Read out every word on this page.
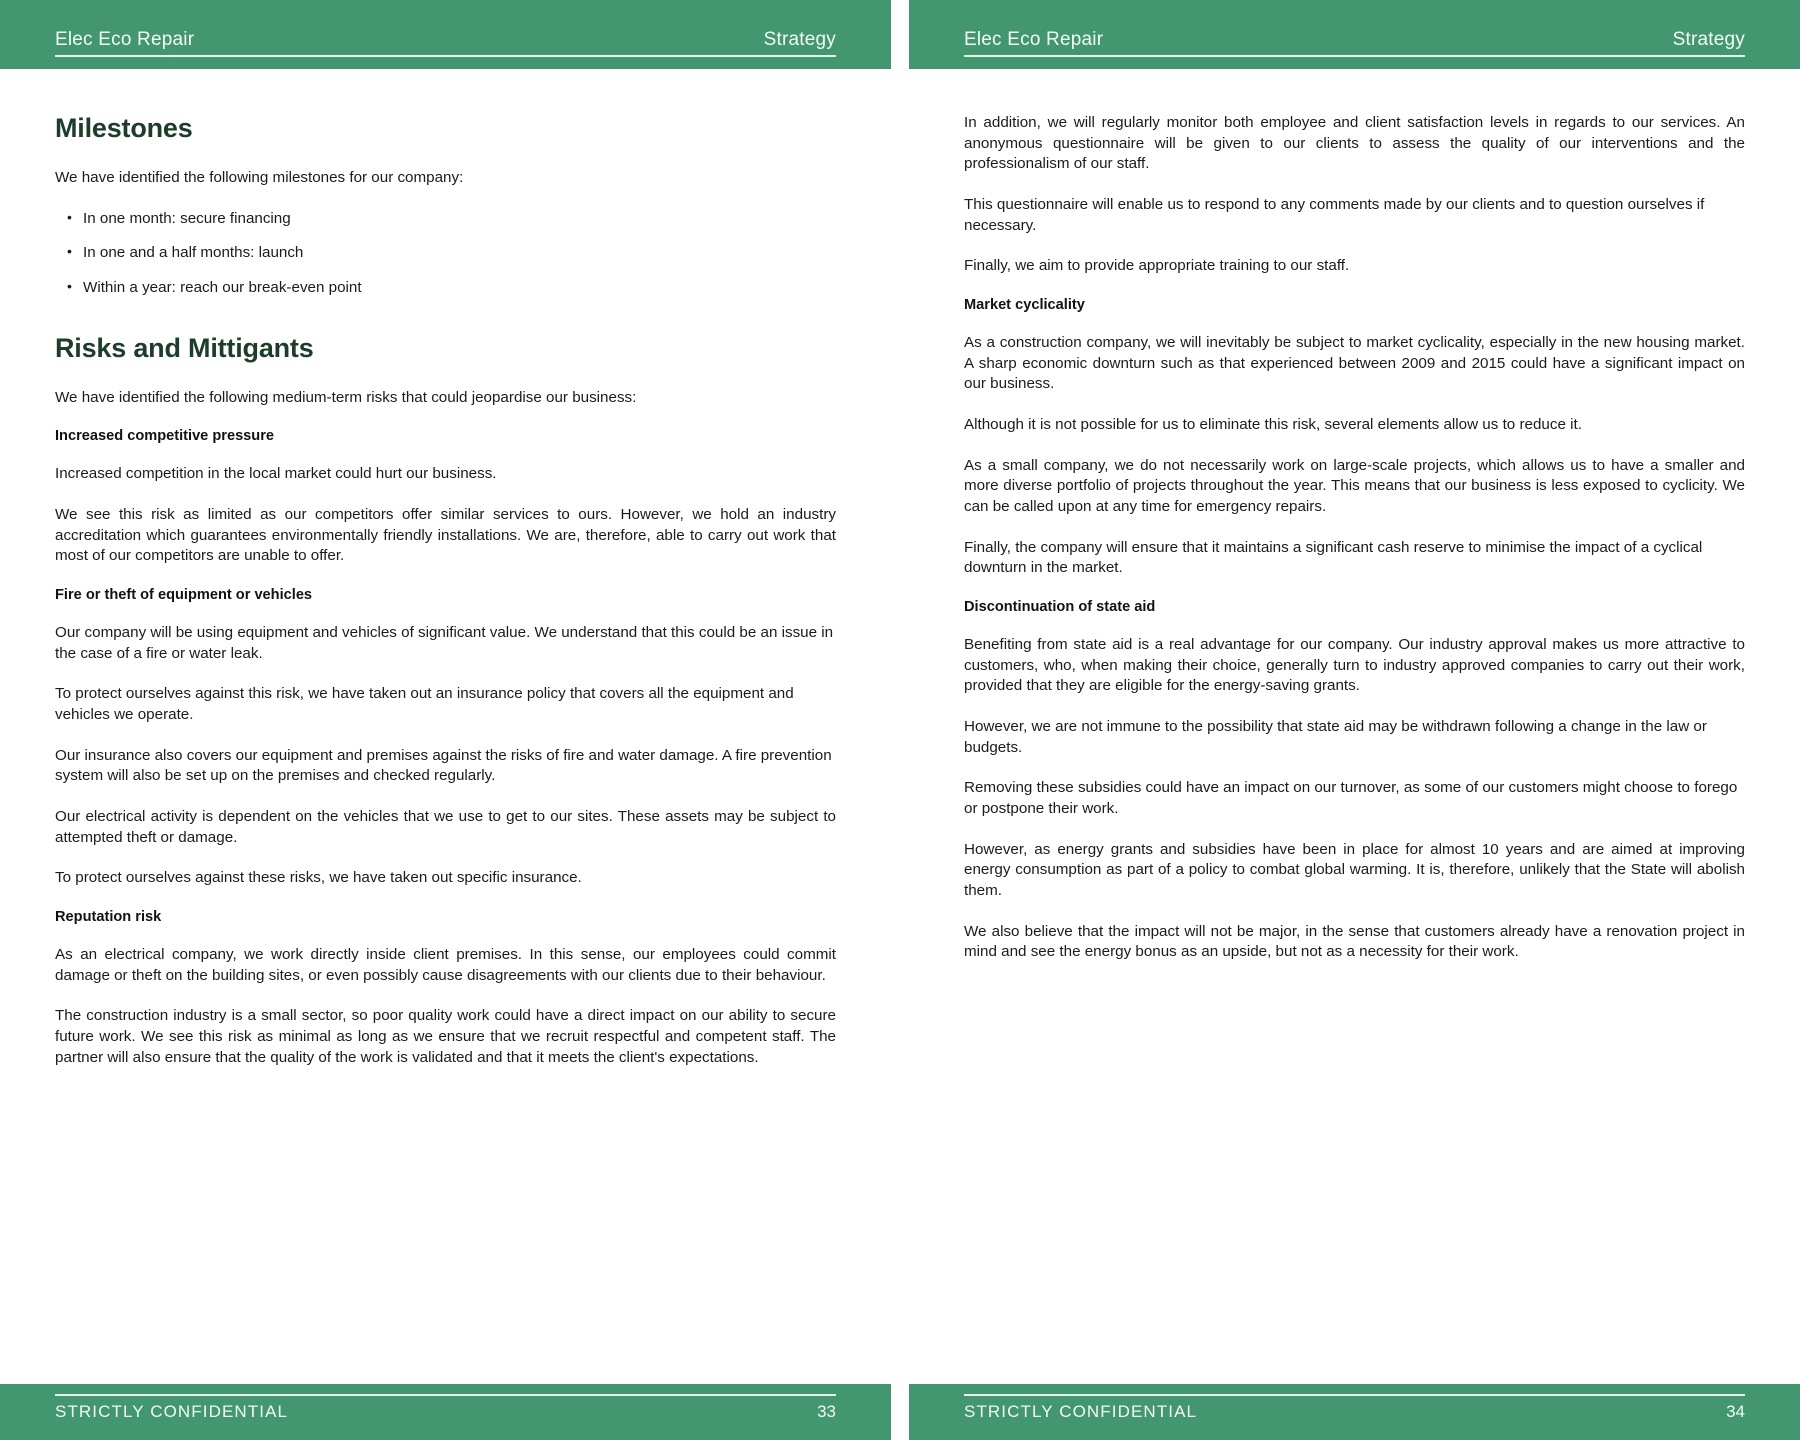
Elec Eco Repair	Strategy
Milestones

We have identified the following milestones for our company:

• In one month: secure financing
• In one and a half months: launch
• Within a year: reach our break-even point
Risks and Mittigants

We have identified the following medium-term risks that could jeopardise our business:

Increased competitive pressure

Increased competition in the local market could hurt our business.

We see this risk as limited as our competitors offer similar services to ours. However, we hold an industry accreditation which guarantees environmentally friendly installations. We are, therefore, able to carry out work that most of our competitors are unable to offer.

Fire or theft of equipment or vehicles

Our company will be using equipment and vehicles of significant value. We understand that this could be an issue in the case of a fire or water leak.

To protect ourselves against this risk, we have taken out an insurance policy that covers all the equipment and vehicles we operate.

Our insurance also covers our equipment and premises against the risks of fire and water damage. A fire prevention system will also be set up on the premises and checked regularly.

Our electrical activity is dependent on the vehicles that we use to get to our sites. These assets may be subject to attempted theft or damage.

To protect ourselves against these risks, we have taken out specific insurance.

Reputation risk

As an electrical company, we work directly inside client premises. In this sense, our employees could commit damage or theft on the building sites, or even possibly cause disagreements with our clients due to their behaviour.

The construction industry is a small sector, so poor quality work could have a direct impact on our ability to secure future work. We see this risk as minimal as long as we ensure that we recruit respectful and competent staff. The partner will also ensure that the quality of the work is validated and that it meets the client's expectations.

STRICTLY CONFIDENTIAL	33
Elec Eco Repair	Strategy

In addition, we will regularly monitor both employee and client satisfaction levels in regards to our services. An anonymous questionnaire will be given to our clients to assess the quality of our interventions and the professionalism of our staff.

This questionnaire will enable us to respond to any comments made by our clients and to question ourselves if necessary.

Finally, we aim to provide appropriate training to our staff.

Market cyclicality

As a construction company, we will inevitably be subject to market cyclicality, especially in the new housing market. A sharp economic downturn such as that experienced between 2009 and 2015 could have a significant impact on our business.

Although it is not possible for us to eliminate this risk, several elements allow us to reduce it.

As a small company, we do not necessarily work on large-scale projects, which allows us to have a smaller and more diverse portfolio of projects throughout the year. This means that our business is less exposed to cyclicity. We can be called upon at any time for emergency repairs.

Finally, the company will ensure that it maintains a significant cash reserve to minimise the impact of a cyclical downturn in the market.

Discontinuation of state aid

Benefiting from state aid is a real advantage for our company. Our industry approval makes us more attractive to customers, who, when making their choice, generally turn to industry approved companies to carry out their work, provided that they are eligible for the energy-saving grants.

However, we are not immune to the possibility that state aid may be withdrawn following a change in the law or budgets.

Removing these subsidies could have an impact on our turnover, as some of our customers might choose to forego or postpone their work.

However, as energy grants and subsidies have been in place for almost 10 years and are aimed at improving energy consumption as part of a policy to combat global warming. It is, therefore, unlikely that the State will abolish them.

We also believe that the impact will not be major, in the sense that customers already have a renovation project in mind and see the energy bonus as an upside, but not as a necessity for their work.

STRICTLY CONFIDENTIAL	34
